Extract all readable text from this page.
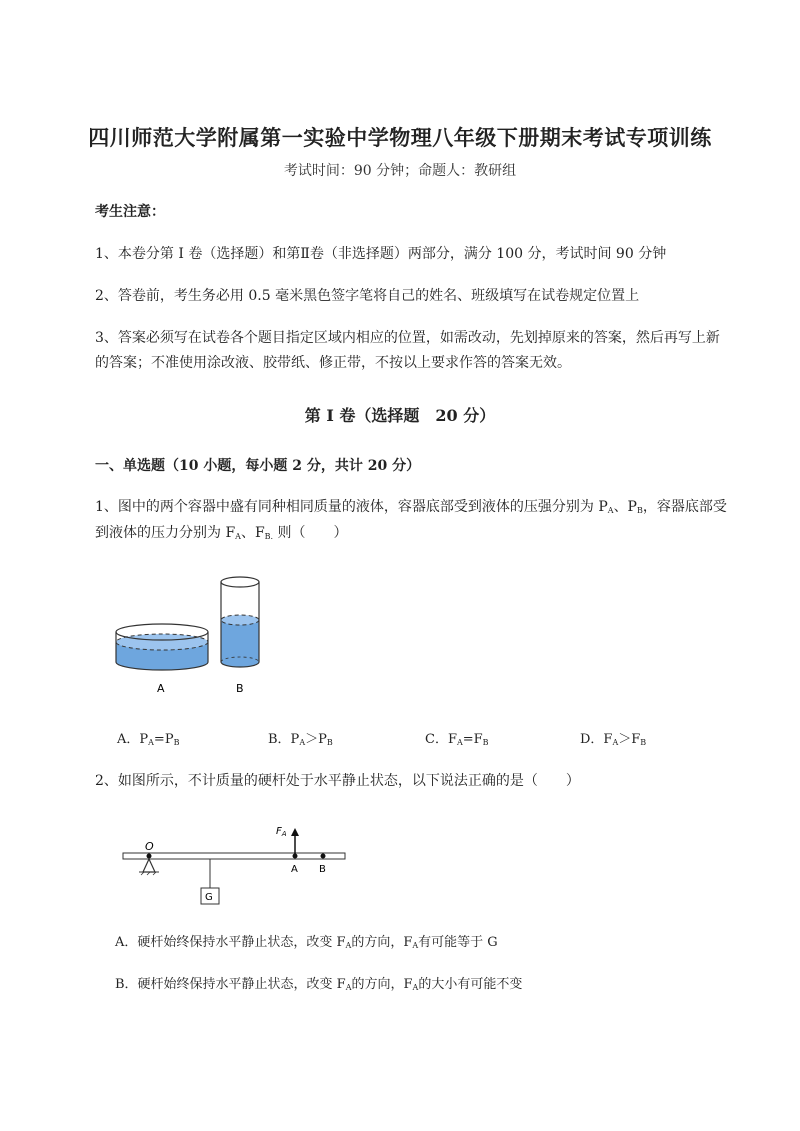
四川师范大学附属第一实验中学物理八年级下册期末考试专项训练
考试时间：90 分钟；命题人：教研组
考生注意：
1、本卷分第 I 卷（选择题）和第Ⅱ卷（非选择题）两部分，满分 100 分，考试时间 90 分钟
2、答卷前，考生务必用 0.5 毫米黑色签字笔将自己的姓名、班级填写在试卷规定位置上
3、答案必须写在试卷各个题目指定区域内相应的位置，如需改动，先划掉原来的答案，然后再写上新
的答案；不准使用涂改液、胶带纸、修正带，不按以上要求作答的答案无效。
第 I 卷（选择题　20 分）
一、单选题（10 小题，每小题 2 分，共计 20 分）
1、图中的两个容器中盛有同种相同质量的液体，容器底部受到液体的压强分别为 $P_A$、$P_B$，容器底部受
到液体的压力分别为 $F_A$、$F_{B.}$ 则（　　）
A	B
A．$P_A=P_B$	B．$P_A>P_B$	C．$F_A=F_B$	D．$F_A>F_B$
2、如图所示，不计质量的硬杆处于水平静止状态，以下说法正确的是（　　）
O
G
$F_A$
A B
A．硬杆始终保持水平静止状态，改变 $F_A$的方向，$F_A$有可能等于 G
B．硬杆始终保持水平静止状态，改变 $F_A$的方向，$F_A$的大小有可能不变
